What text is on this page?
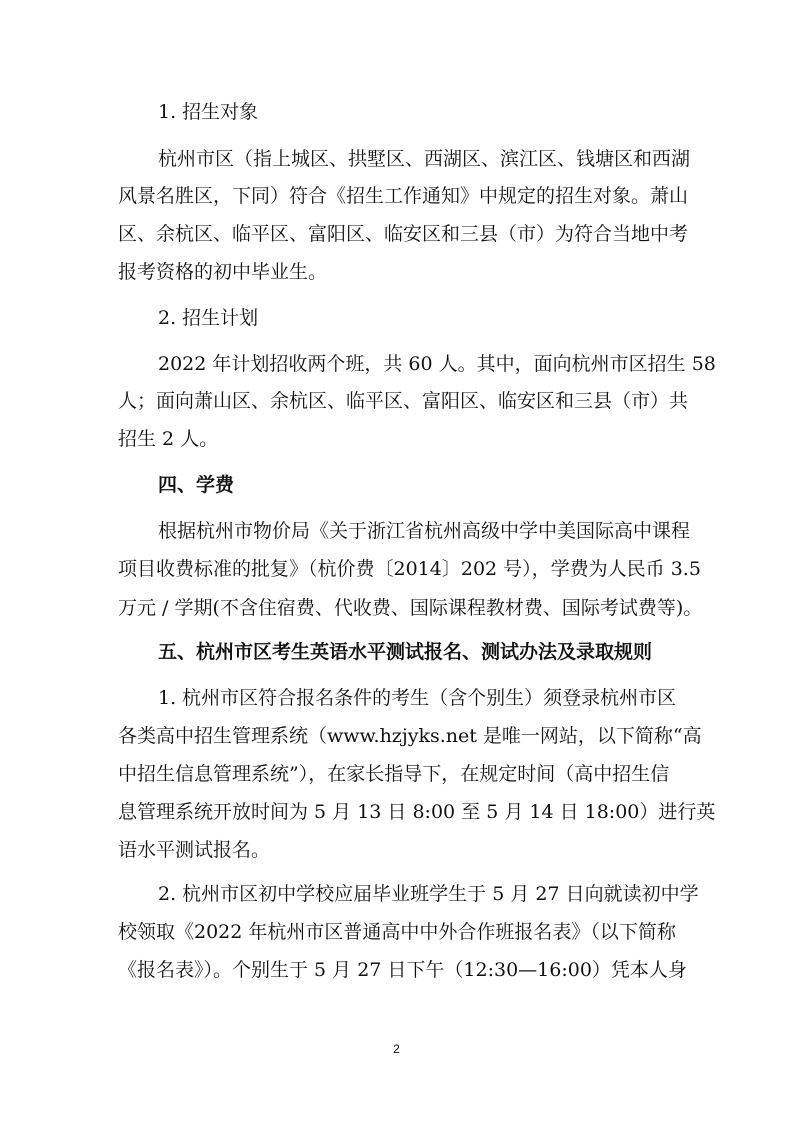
1. 招生对象
杭州市区（指上城区、拱墅区、西湖区、滨江区、钱塘区和西湖
风景名胜区，下同）符合《招生工作通知》中规定的招生对象。萧山
区、余杭区、临平区、富阳区、临安区和三县（市）为符合当地中考
报考资格的初中毕业生。
2. 招生计划
2022 年计划招收两个班，共 60 人。其中，面向杭州市区招生 58
人；面向萧山区、余杭区、临平区、富阳区、临安区和三县（市）共
招生 2 人。
四、学费
根据杭州市物价局《关于浙江省杭州高级中学中美国际高中课程
项目收费标准的批复》（杭价费〔2014〕202 号），学费为人民币 3.5
万元 / 学期(不含住宿费、代收费、国际课程教材费、国际考试费等)。
五、杭州市区考生英语水平测试报名、测试办法及录取规则
1. 杭州市区符合报名条件的考生（含个别生）须登录杭州市区
各类高中招生管理系统（www.hzjyks.net 是唯一网站，以下简称“高
中招生信息管理系统”），在家长指导下，在规定时间（高中招生信
息管理系统开放时间为 5 月 13 日 8:00 至 5 月 14 日 18:00）进行英
语水平测试报名。
2. 杭州市区初中学校应届毕业班学生于 5 月 27 日向就读初中学
校领取《2022 年杭州市区普通高中中外合作班报名表》（以下简称
《报名表》）。个别生于 5 月 27 日下午（12:30—16:00）凭本人身
2
